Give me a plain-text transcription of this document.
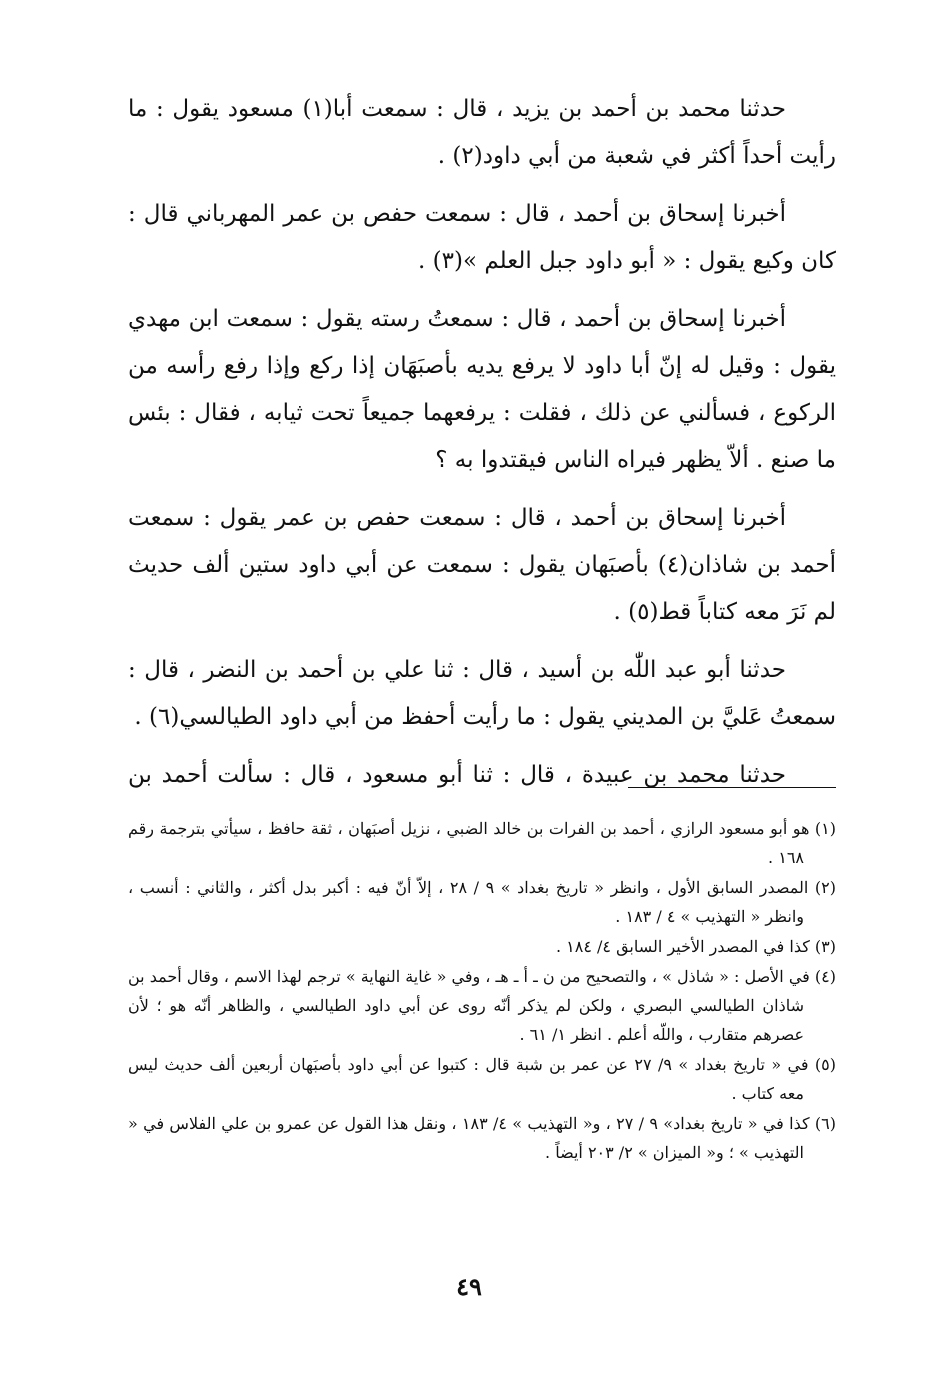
حدثنا محمد بن أحمد بن يزيد ، قال : سمعت أبا(١) مسعود يقول : ما رأيت أحداً أكثر في شعبة من أبي داود(٢) .

أخبرنا إسحاق بن أحمد ، قال : سمعت حفص بن عمر المهرباني قال : كان وكيع يقول : « أبو داود جبل العلم »(٣) .

أخبرنا إسحاق بن أحمد ، قال : سمعتُ رسته يقول : سمعت ابن مهدي يقول : وقيل له إنّ أبا داود لا يرفع يديه بأصبَهَان إذا ركع وإذا رفع رأسه من الركوع ، فسألني عن ذلك ، فقلت : يرفعهما جميعاً تحت ثيابه ، فقال : بئس ما صنع . ألاّ يظهر فيراه الناس فيقتدوا به ؟

أخبرنا إسحاق بن أحمد ، قال : سمعت حفص بن عمر يقول : سمعت أحمد بن شاذان(٤) بأصبَهان يقول : سمعت عن أبي داود ستين ألف حديث لم نَرَ معه كتاباً قط(٥) .

حدثنا أبو عبد اللّٰه بن أسيد ، قال : ثنا علي بن أحمد بن النضر ، قال : سمعتُ عَليَّ بن المديني يقول : ما رأيت أحفظ من أبي داود الطيالسي(٦) .

حدثنا محمد بن عبيدة ، قال : ثنا أبو مسعود ، قال : سألت أحمد بن

(١) هو أبو مسعود الرازي ، أحمد بن الفرات بن خالد الضبي ، نزيل أصبَهان ، ثقة حافظ ، سيأتي بترجمة رقم ١٦٨ .

(٢) المصدر السابق الأول ، وانظر « تاريخ بغداد » ٩ / ٢٨ ، إلاّ أنّ فيه : أكبر بدل أكثر ، والثاني : أنسب ، وانظر « التهذيب » ٤ / ١٨٣ .

(٣) كذا في المصدر الأخير السابق ٤/ ١٨٤ .

(٤) في الأصل : « شاذل » ، والتصحيح من ن ـ أ ـ هـ ، وفي « غاية النهاية » ترجم لهذا الاسم ، وقال أحمد بن شاذان الطيالسي البصري ، ولكن لم يذكر أنّه روى عن أبي داود الطيالسي ، والظاهر أنّه هو ؛ لأن عصرهم متقارب ، واللّه أعلم . انظر ١/ ٦١ .

(٥) في « تاريخ بغداد » ٩/ ٢٧ عن عمر بن شبة قال : كتبوا عن أبي داود بأصبَهان أربعين ألف حديث ليس معه كتاب .

(٦) كذا في « تاريخ بغداد» ٩ / ٢٧ ، و« التهذيب » ٤/ ١٨٣ ، ونقل هذا القول عن عمرو بن علي الفلاس في « التهذيب » ؛ و« الميزان » ٢/ ٢٠٣ أيضاً .

٤٩
